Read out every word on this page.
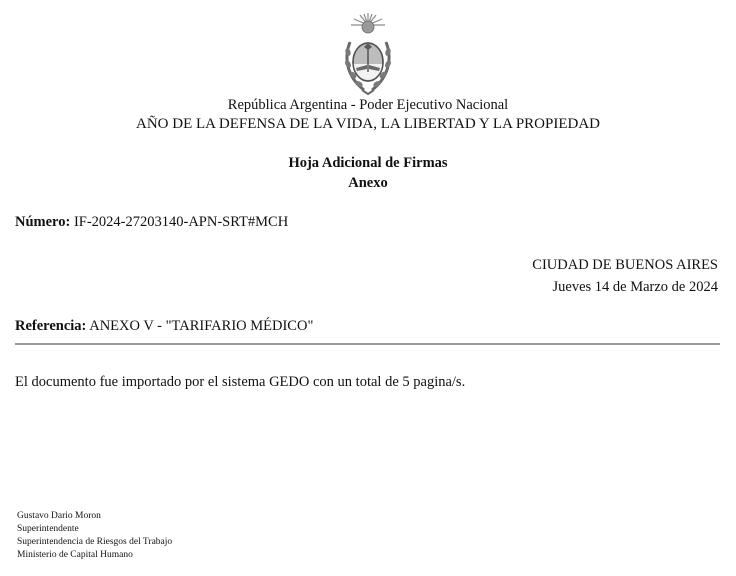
República Argentina - Poder Ejecutivo Nacional
AÑO DE LA DEFENSA DE LA VIDA, LA LIBERTAD Y LA PROPIEDAD
Hoja Adicional de Firmas
Anexo
Número: IF-2024-27203140-APN-SRT#MCH
CIUDAD DE BUENOS AIRES
Jueves 14 de Marzo de 2024
Referencia: ANEXO V - "TARIFARIO MÉDICO"
El documento fue importado por el sistema GEDO con un total de 5 pagina/s.
Gustavo Dario Moron
Superintendente
Superintendencia de Riesgos del Trabajo
Ministerio de Capital Humano
